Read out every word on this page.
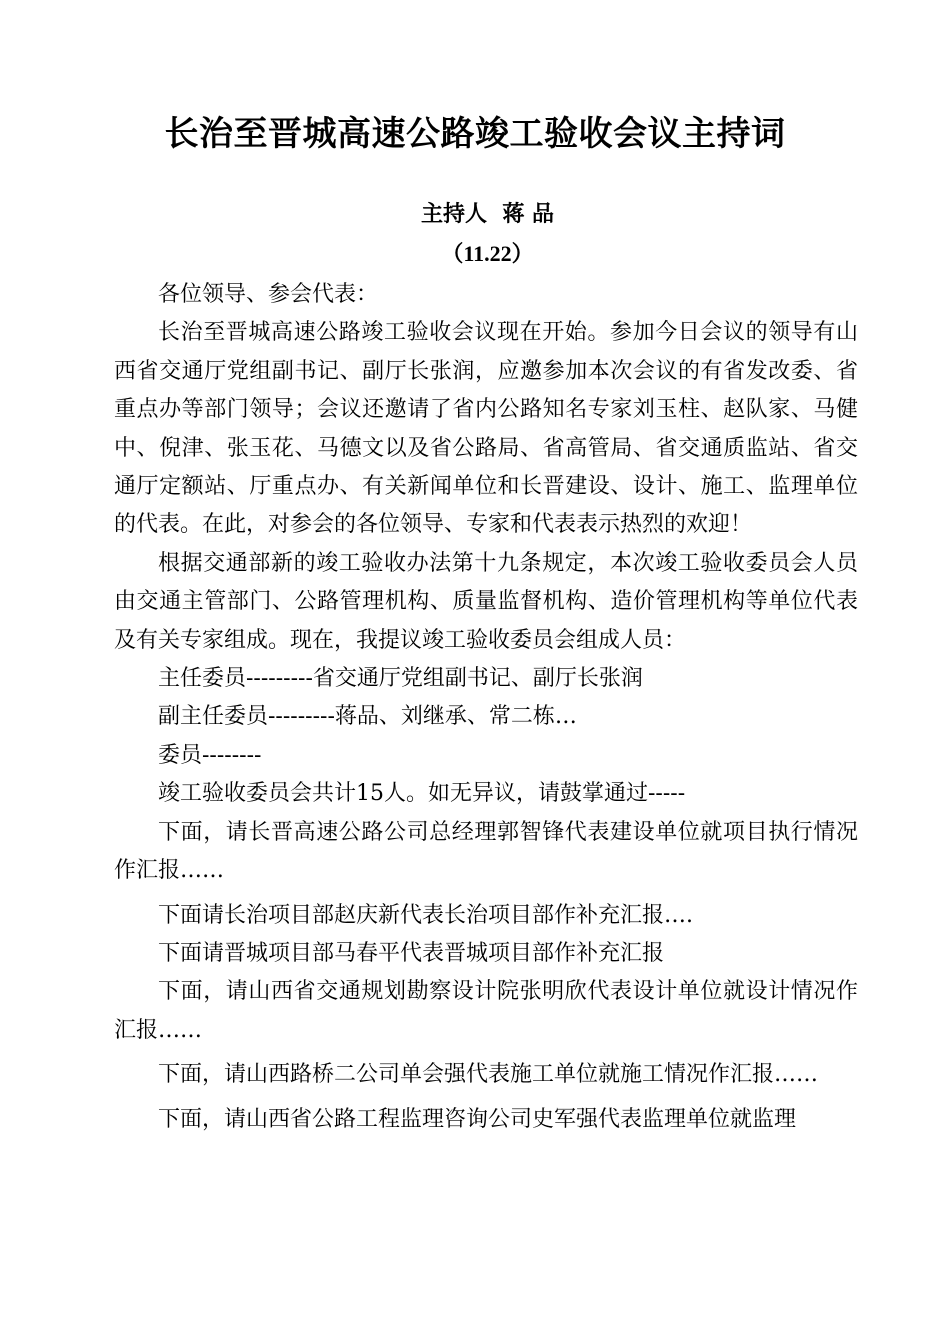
长治至晋城高速公路竣工验收会议主持词
主持人  蒋 品
（11.22）

各位领导、参会代表：

长治至晋城高速公路竣工验收会议现在开始。参加今日会议的领导有山西省交通厅党组副书记、副厅长张润，应邀参加本次会议的有省发改委、省重点办等部门领导；会议还邀请了省内公路知名专家刘玉柱、赵队家、马健中、倪津、张玉花、马德文以及省公路局、省高管局、省交通质监站、省交通厅定额站、厅重点办、有关新闻单位和长晋建设、设计、施工、监理单位的代表。在此，对参会的各位领导、专家和代表表示热烈的欢迎！

根据交通部新的竣工验收办法第十九条规定，本次竣工验收委员会人员由交通主管部门、公路管理机构、质量监督机构、造价管理机构等单位代表及有关专家组成。现在，我提议竣工验收委员会组成人员：

主任委员---------省交通厅党组副书记、副厅长张润

副主任委员---------蒋品、刘继承、常二栋…

委员--------

竣工验收委员会共计15人。如无异议，请鼓掌通过-----

下面，请长晋高速公路公司总经理郭智锋代表建设单位就项目执行情况作汇报……

下面请长治项目部赵庆新代表长治项目部作补充汇报….

下面请晋城项目部马春平代表晋城项目部作补充汇报

下面，请山西省交通规划勘察设计院张明欣代表设计单位就设计情况作汇报……

下面，请山西路桥二公司单会强代表施工单位就施工情况作汇报……

下面，请山西省公路工程监理咨询公司史军强代表监理单位就监理
